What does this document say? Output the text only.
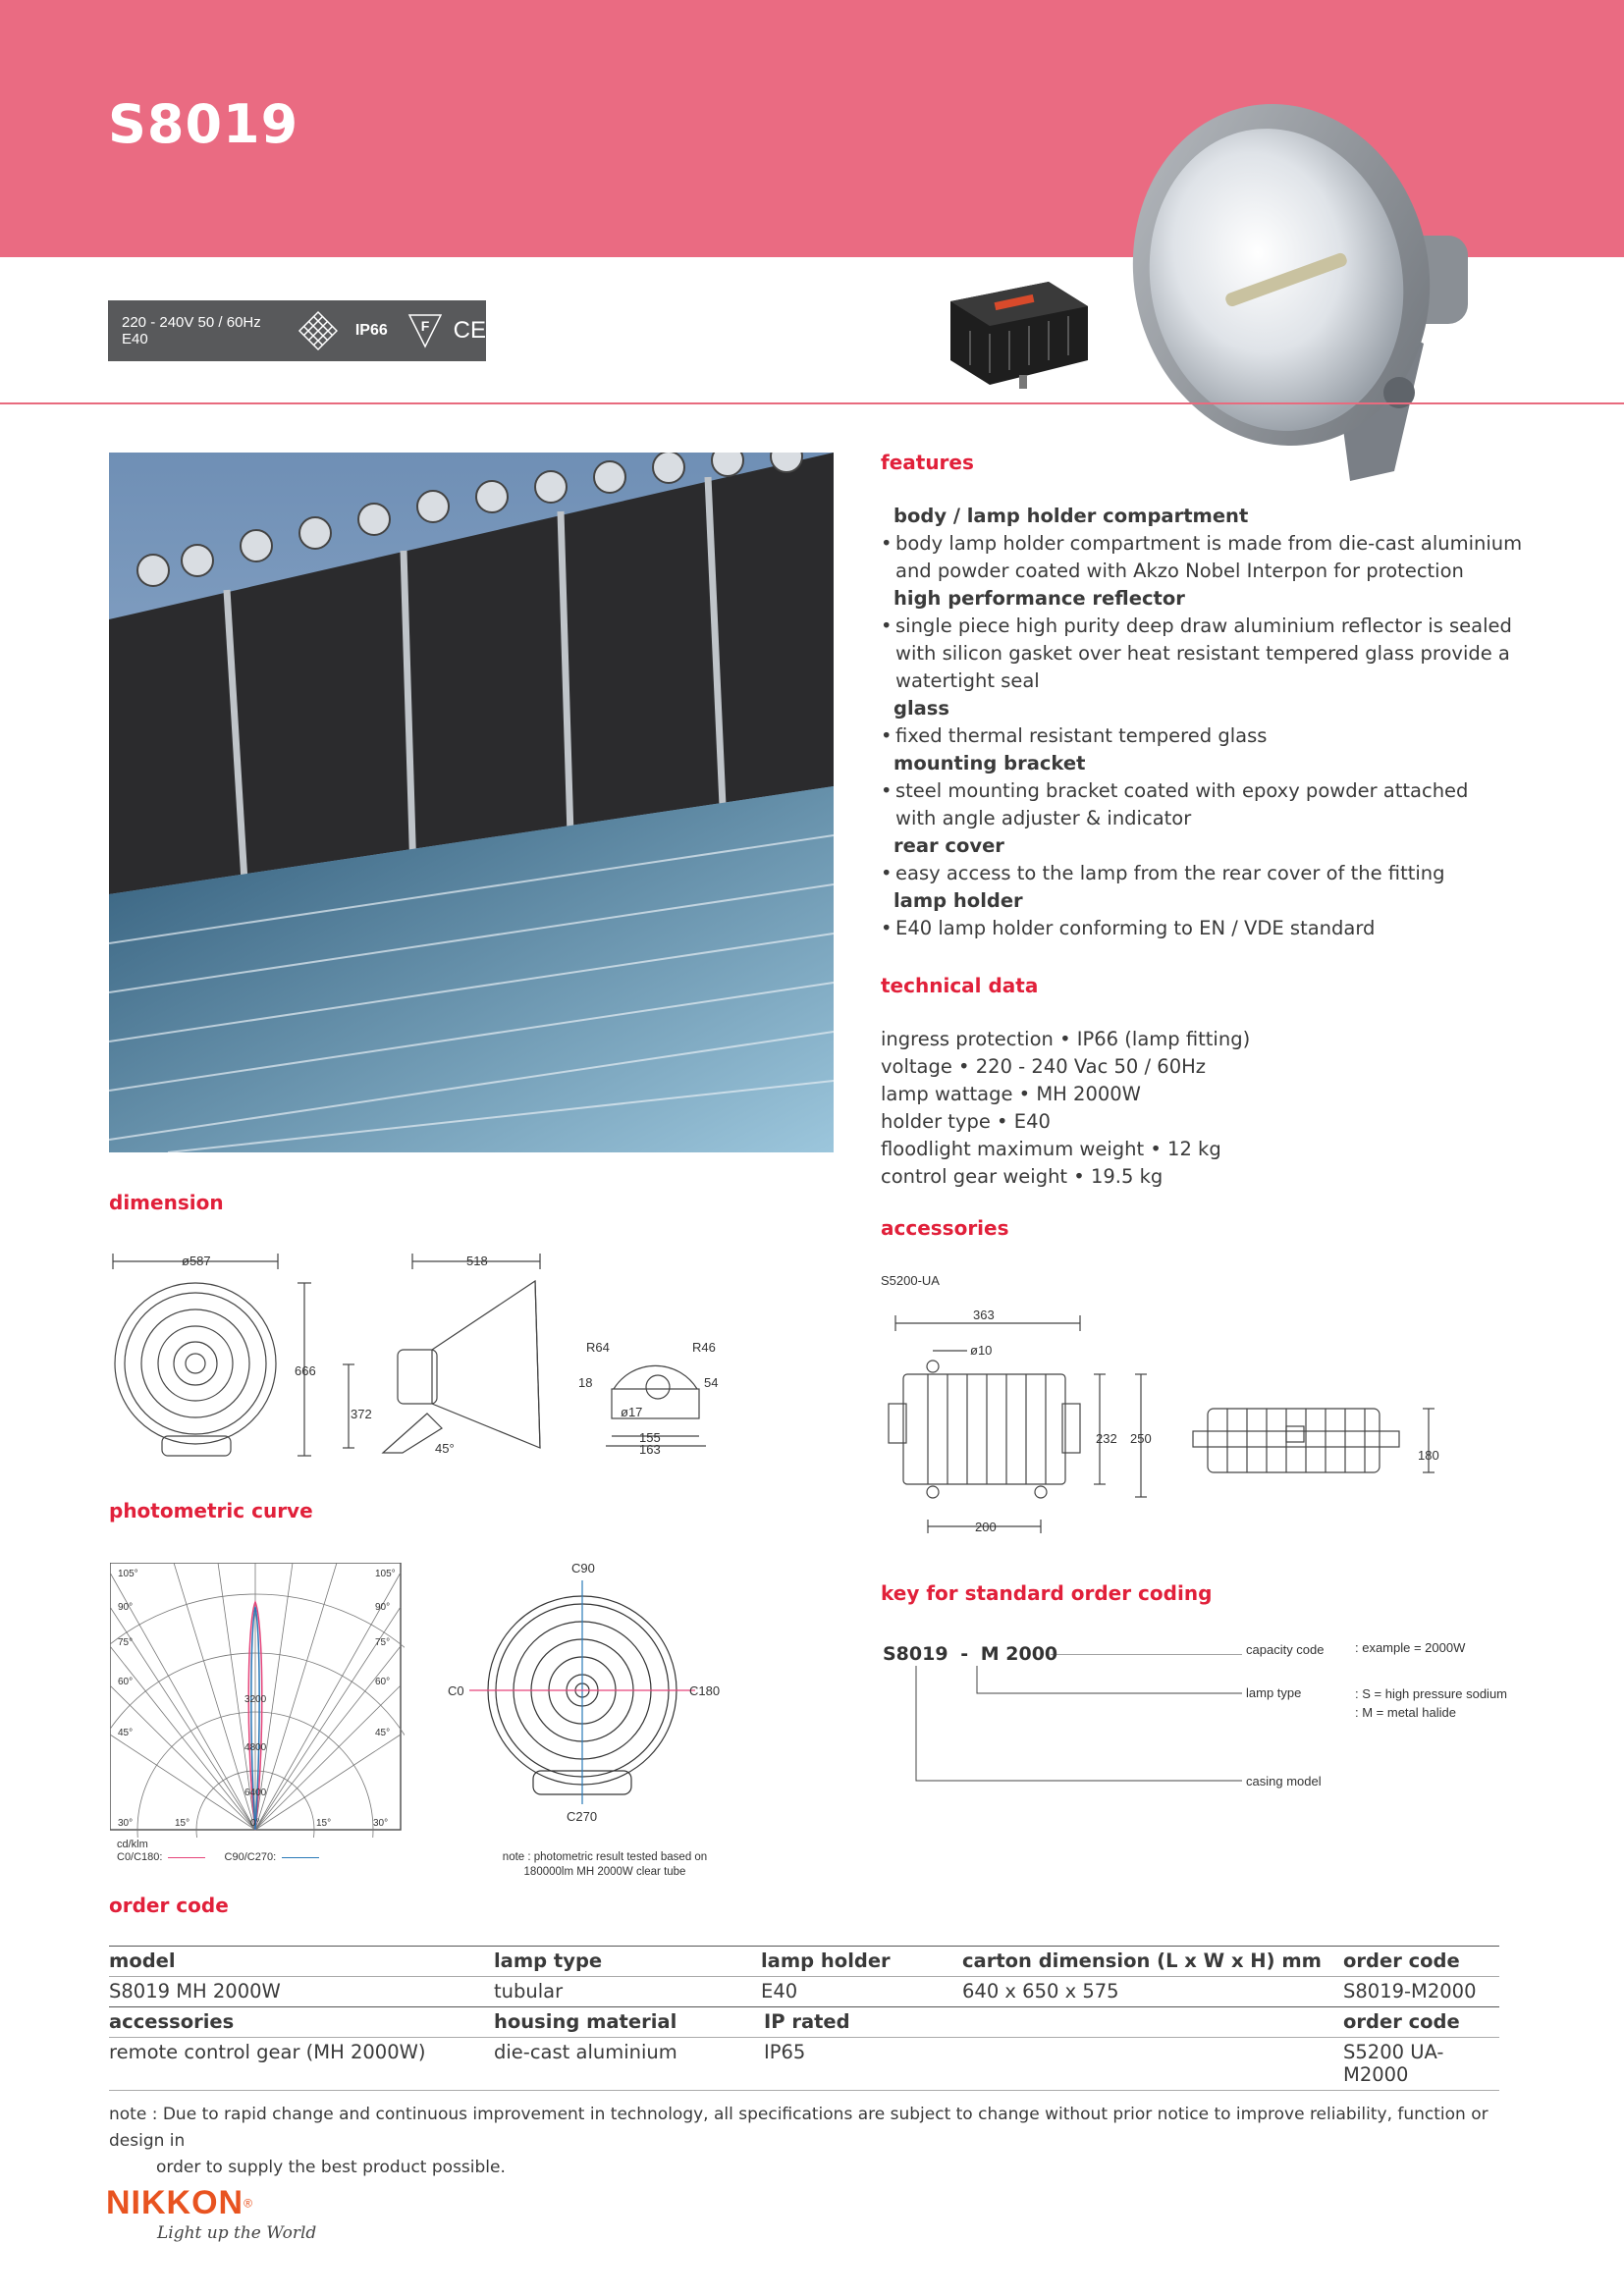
S8019
220 - 240V 50 / 60Hz E40
IP66 F CE
features
body / lamp holder compartment
• body lamp holder compartment is made from die-cast aluminium
and powder coated with Akzo Nobel Interpon for protection
high performance reflector
• single piece high purity deep draw aluminium reflector is sealed
with silicon gasket over heat resistant tempered glass provide a
watertight seal
glass
• fixed thermal resistant tempered glass
mounting bracket
• steel mounting bracket coated with epoxy powder attached
with angle adjuster & indicator
rear cover
• easy access to the lamp from the rear cover of the fitting
lamp holder
• E40 lamp holder conforming to EN / VDE standard
technical data
ingress protection • IP66 (lamp fitting)
voltage • 220 - 240 Vac 50 / 60Hz
lamp wattage • MH 2000W
holder type • E40
floodlight maximum weight • 12 kg
control gear weight • 19.5 kg
accessories
S5200-UA
363
ø10
232 250
200
180
dimension
ø587
666
518
372
45°
R64	R46
18	54
ø17
155
163
photometric curve
105°
90°
75°
60°
45°
105°
90°
75°
60°
45°
3200
4800
6400
30°	15°	0°	15°	30°
cd/klm
C0/C180:	C90/C270:
C90
C0	C180
C270
note : photometric result tested based on
180000lm MH 2000W clear tube
key for standard order coding
S8019 - M 2000	capacity code : example = 2000W
lamp type	: S = high pressure sodium
: M = metal halide
casing model
order code
model	lamp type	lamp holder	carton dimension (L x W x H) mm	order code
S8019 MH 2000W	tubular	E40	640 x 650 x 575	S8019-M2000
accessories	housing material	IP rated		order code
remote control gear (MH 2000W)	die-cast aluminium	IP65		S5200 UA-M2000
note : Due to rapid change and continuous improvement in technology, all specifications are subject to change without prior notice to improve reliability, function or design in
order to supply the best product possible.
NIKKON®
Light up the World
